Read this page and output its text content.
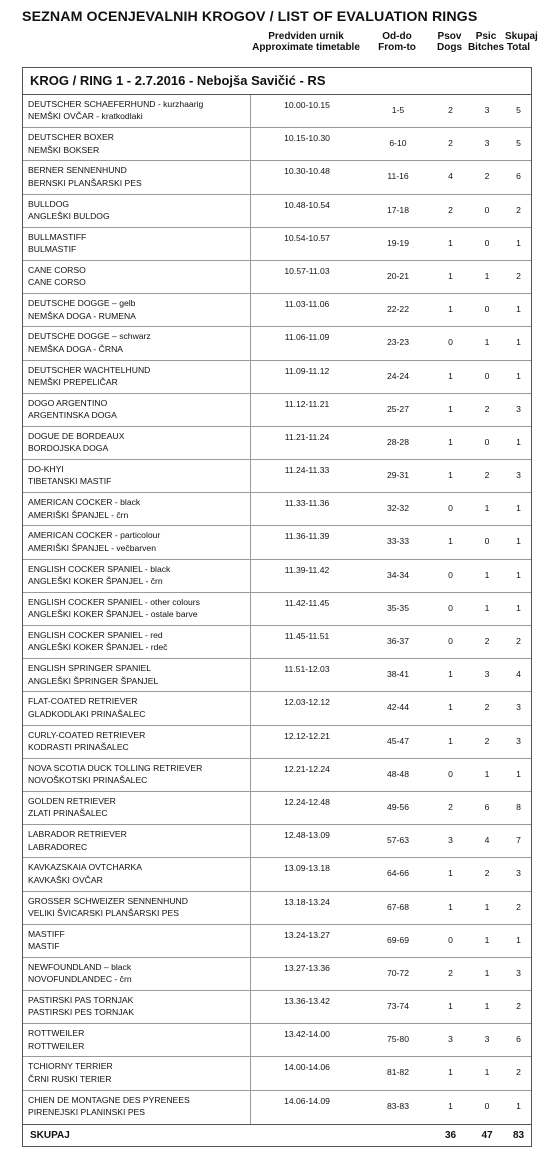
SEZNAM OCENJEVALNIH KROGOV / LIST OF EVALUATION RINGS
Predviden urnik
Approximate timetable
Od-do
From-to
Psov
Dogs
Psic
Bitches
Skupaj
Total
KROG / RING 1 - 2.7.2016 - Nebojša Savičić - RS
DEUTSCHER SCHAEFERHUND - kurzhaarig
NEMŠKI OVČAR - kratkodlaki
10.00-10.15	1-5	2	3	5
DEUTSCHER BOXER
NEMŠKI BOKSER
10.15-10.30	6-10	2	3	5
BERNER SENNENHUND
BERNSKI PLANŠARSKI PES
10.30-10.48	11-16	4	2	6
BULLDOG
ANGLEŠKI BULDOG
10.48-10.54	17-18	2	0	2
BULLMASTIFF
BULMASTIF
10.54-10.57	19-19	1	0	1
CANE CORSO
CANE CORSO
10.57-11.03	20-21	1	1	2
DEUTSCHE DOGGE – gelb
NEMŠKA DOGA - RUMENA
11.03-11.06	22-22	1	0	1
DEUTSCHE DOGGE – schwarz
NEMŠKA DOGA - ČRNA
11.06-11.09	23-23	0	1	1
DEUTSCHER WACHTELHUND
NEMŠKI PREPELIČAR
11.09-11.12	24-24	1	0	1
DOGO ARGENTINO
ARGENTINSKA DOGA
11.12-11.21	25-27	1	2	3
DOGUE DE BORDEAUX
BORDOJSKA DOGA
11.21-11.24	28-28	1	0	1
DO-KHYI
TIBETANSKI MASTIF
11.24-11.33	29-31	1	2	3
AMERICAN COCKER - black
AMERIŠKI ŠPANJEL - črn
11.33-11.36	32-32	0	1	1
AMERICAN COCKER - particolour
AMERIŠKI ŠPANJEL - večbarven
11.36-11.39	33-33	1	0	1
ENGLISH COCKER SPANIEL - black
ANGLEŠKI KOKER ŠPANJEL - črn
11.39-11.42	34-34	0	1	1
ENGLISH COCKER SPANIEL - other colours
ANGLEŠKI KOKER ŠPANJEL - ostale barve
11.42-11.45	35-35	0	1	1
ENGLISH COCKER SPANIEL - red
ANGLEŠKI KOKER ŠPANJEL - rdeč
11.45-11.51	36-37	0	2	2
ENGLISH SPRINGER SPANIEL
ANGLEŠKI ŠPRINGER ŠPANJEL
11.51-12.03	38-41	1	3	4
FLAT-COATED RETRIEVER
GLADKODLAKI PRINAŠALEC
12.03-12.12	42-44	1	2	3
CURLY-COATED RETRIEVER
KODRASTI PRINAŠALEC
12.12-12.21	45-47	1	2	3
NOVA SCOTIA DUCK TOLLING RETRIEVER
NOVOŠKOTSKI PRINAŠALEC
12.21-12.24	48-48	0	1	1
GOLDEN RETRIEVER
ZLATI PRINAŠALEC
12.24-12.48	49-56	2	6	8
LABRADOR RETRIEVER
LABRADOREC
12.48-13.09	57-63	3	4	7
KAVKAZSKAIA OVTCHARKA
KAVKAŠKI OVČAR
13.09-13.18	64-66	1	2	3
GROSSER SCHWEIZER SENNENHUND
VELIKI ŠVICARSKI PLANŠARSKI PES
13.18-13.24	67-68	1	1	2
MASTIFF
MASTIF
13.24-13.27	69-69	0	1	1
NEWFOUNDLAND – black
NOVOFUNDLANDEC - črn
13.27-13.36	70-72	2	1	3
PASTIRSKI PAS TORNJAK
PASTIRSKI PES TORNJAK
13.36-13.42	73-74	1	1	2
ROTTWEILER
ROTTWEILER
13.42-14.00	75-80	3	3	6
TCHIORNY TERRIER
ČRNI RUSKI TERIER
14.00-14.06	81-82	1	1	2
CHIEN DE MONTAGNE DES PYRENEES
PIRENEJSKI PLANINSKI PES
14.06-14.09	83-83	1	0	1
SKUPAJ	36	47	83
